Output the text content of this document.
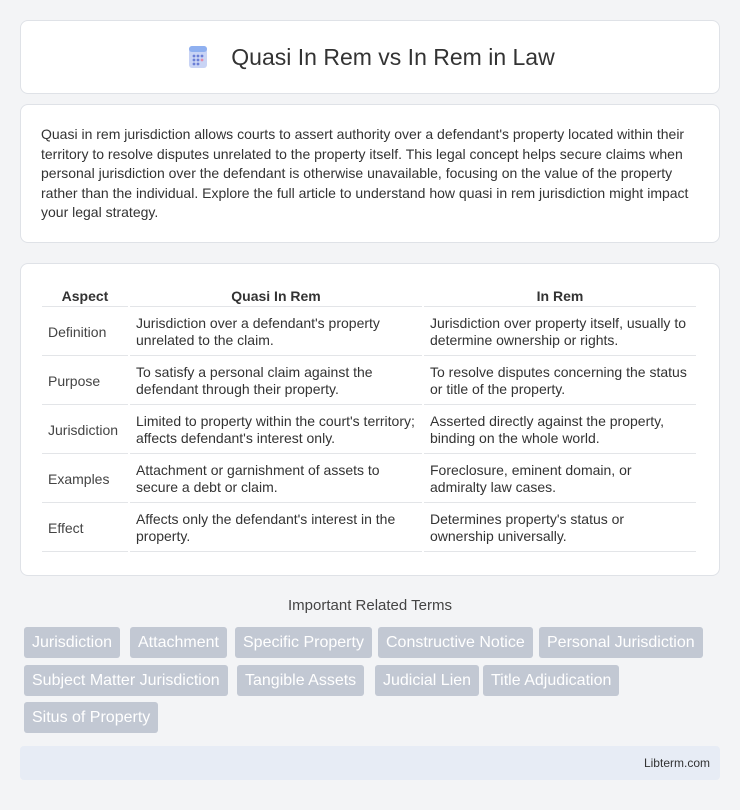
Quasi In Rem vs In Rem in Law

Quasi in rem jurisdiction allows courts to assert authority over a defendant's property located within their territory to resolve disputes unrelated to the property itself. This legal concept helps secure claims when personal jurisdiction over the defendant is otherwise unavailable, focusing on the value of the property rather than the individual. Explore the full article to understand how quasi in rem jurisdiction might impact your legal strategy.

Aspect	Quasi In Rem	In Rem
Definition	Jurisdiction over a defendant's property unrelated to the claim.	Jurisdiction over property itself, usually to determine ownership or rights.
Purpose	To satisfy a personal claim against the defendant through their property.	To resolve disputes concerning the status or title of the property.
Jurisdiction	Limited to property within the court's territory; affects defendant's interest only.	Asserted directly against the property, binding on the whole world.
Examples	Attachment or garnishment of assets to secure a debt or claim.	Foreclosure, eminent domain, or admiralty law cases.
Effect	Affects only the defendant's interest in the property.	Determines property's status or ownership universally.
Important Related Terms
Jurisdiction	Attachment	Specific Property	Constructive Notice	Personal Jurisdiction
Subject Matter Jurisdiction	Tangible Assets	Judicial Lien	Title Adjudication
Situs of Property
Libterm.com
